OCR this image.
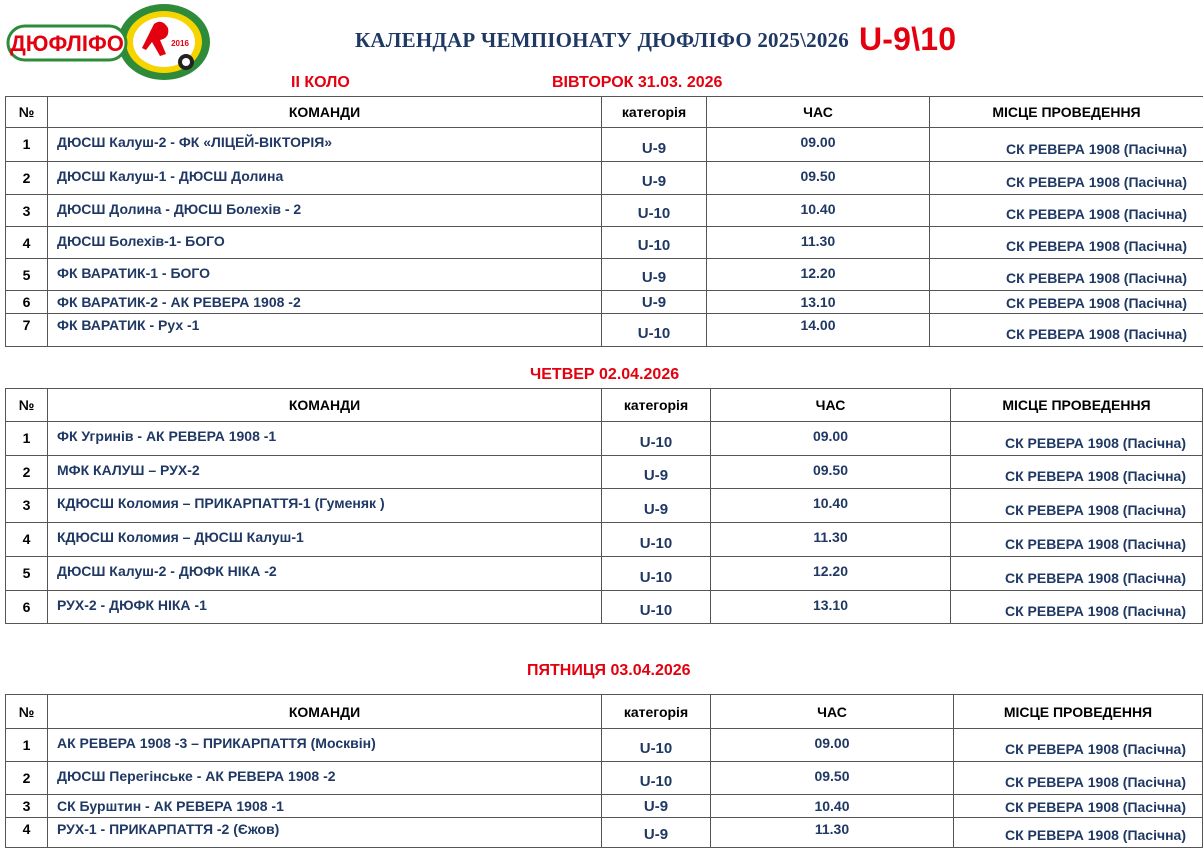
ДЮФЛІФО	2016	КАЛЕНДАР ЧЕМПІОНАТУ ДЮФЛІФО 2025\2026 U-9\10
ІІ КОЛО	ВІВТОРОК 31.03. 2026
№	КОМАНДИ	категорія	ЧАС	МІСЦЕ ПРОВЕДЕННЯ
1	ДЮСШ Калуш-2 - ФК «ЛІЦЕЙ-ВІКТОРІЯ»	U-9	09.00	СК РЕВЕРА 1908 (Пасічна)
2	ДЮСШ Калуш-1 - ДЮСШ Долина	U-9	09.50	СК РЕВЕРА 1908 (Пасічна)
3	ДЮСШ Долина - ДЮСШ Болехів - 2	U-10	10.40	СК РЕВЕРА 1908 (Пасічна)
4	ДЮСШ Болехів-1- БОГО	U-10	11.30	СК РЕВЕРА 1908 (Пасічна)
5	ФК ВАРАТИК-1 - БОГО	U-9	12.20	СК РЕВЕРА 1908 (Пасічна)
6	ФК ВАРАТИК-2 - АК РЕВЕРА 1908 -2	U-9	13.10	СК РЕВЕРА 1908 (Пасічна)
7	ФК ВАРАТИК - Рух -1	U-10	14.00	СК РЕВЕРА 1908 (Пасічна)
ЧЕТВЕР 02.04.2026
№	КОМАНДИ	категорія	ЧАС	МІСЦЕ ПРОВЕДЕННЯ
1	ФК Угринів - АК РЕВЕРА 1908 -1	U-10	09.00	СК РЕВЕРА 1908 (Пасічна)
2	МФК КАЛУШ – РУХ-2	U-9	09.50	СК РЕВЕРА 1908 (Пасічна)
3	КДЮСШ Коломия – ПРИКАРПАТТЯ-1 (Гуменяк )	U-9	10.40	СК РЕВЕРА 1908 (Пасічна)
4	КДЮСШ Коломия – ДЮСШ Калуш-1	U-10	11.30	СК РЕВЕРА 1908 (Пасічна)
5	ДЮСШ Калуш-2 - ДЮФК НІКА -2	U-10	12.20	СК РЕВЕРА 1908 (Пасічна)
6	РУХ-2 - ДЮФК НІКА -1	U-10	13.10	СК РЕВЕРА 1908 (Пасічна)
ПЯТНИЦЯ 03.04.2026
№	КОМАНДИ	категорія	ЧАС	МІСЦЕ ПРОВЕДЕННЯ
1	АК РЕВЕРА 1908 -3 – ПРИКАРПАТТЯ (Москвін)	U-10	09.00	СК РЕВЕРА 1908 (Пасічна)
2	ДЮСШ Перегінське - АК РЕВЕРА 1908 -2	U-10	09.50	СК РЕВЕРА 1908 (Пасічна)
3	СК Бурштин - АК РЕВЕРА 1908 -1	U-9	10.40	СК РЕВЕРА 1908 (Пасічна)
4	РУХ-1 - ПРИКАРПАТТЯ -2 (Єжов)	U-9	11.30	СК РЕВЕРА 1908 (Пасічна)
